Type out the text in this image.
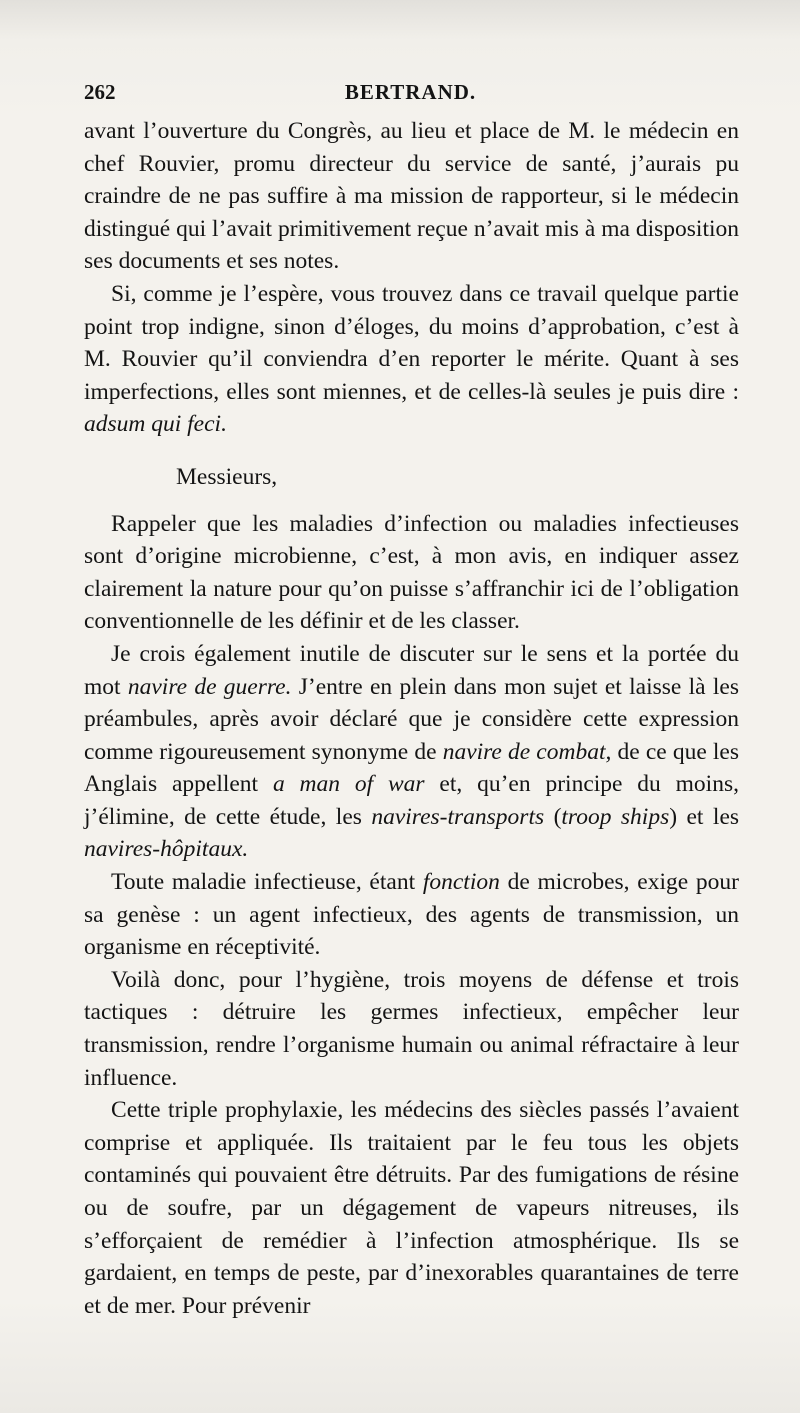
262	BERTRAND.

avant l’ouverture du Congrès, au lieu et place de M. le médecin en chef Rouvier, promu directeur du service de santé, j’aurais pu craindre de ne pas suffire à ma mission de rapporteur, si le médecin distingué qui l’avait primitivement reçue n’avait mis à ma disposition ses documents et ses notes.

Si, comme je l’espère, vous trouvez dans ce travail quelque partie point trop indigne, sinon d’éloges, du moins d’approbation, c’est à M. Rouvier qu’il conviendra d’en reporter le mérite. Quant à ses imperfections, elles sont miennes, et de celles-là seules je puis dire : adsum qui feci.

Messieurs,

Rappeler que les maladies d’infection ou maladies infectieuses sont d’origine microbienne, c’est, à mon avis, en indiquer assez clairement la nature pour qu’on puisse s’affranchir ici de l’obligation conventionnelle de les définir et de les classer.

Je crois également inutile de discuter sur le sens et la portée du mot navire de guerre. J’entre en plein dans mon sujet et laisse là les préambules, après avoir déclaré que je considère cette expression comme rigoureusement synonyme de navire de combat, de ce que les Anglais appellent a man of war et, qu’en principe du moins, j’élimine, de cette étude, les navires-transports (troop ships) et les navires-hôpitaux.

Toute maladie infectieuse, étant fonction de microbes, exige pour sa genèse : un agent infectieux, des agents de transmission, un organisme en réceptivité.

Voilà donc, pour l’hygiène, trois moyens de défense et trois tactiques : détruire les germes infectieux, empêcher leur transmission, rendre l’organisme humain ou animal réfractaire à leur influence.

Cette triple prophylaxie, les médecins des siècles passés l’avaient comprise et appliquée. Ils traitaient par le feu tous les objets contaminés qui pouvaient être détruits. Par des fumigations de résine ou de soufre, par un dégagement de vapeurs nitreuses, ils s’efforçaient de remédier à l’infection atmosphérique. Ils se gardaient, en temps de peste, par d’inexorables quarantaines de terre et de mer. Pour prévenir
